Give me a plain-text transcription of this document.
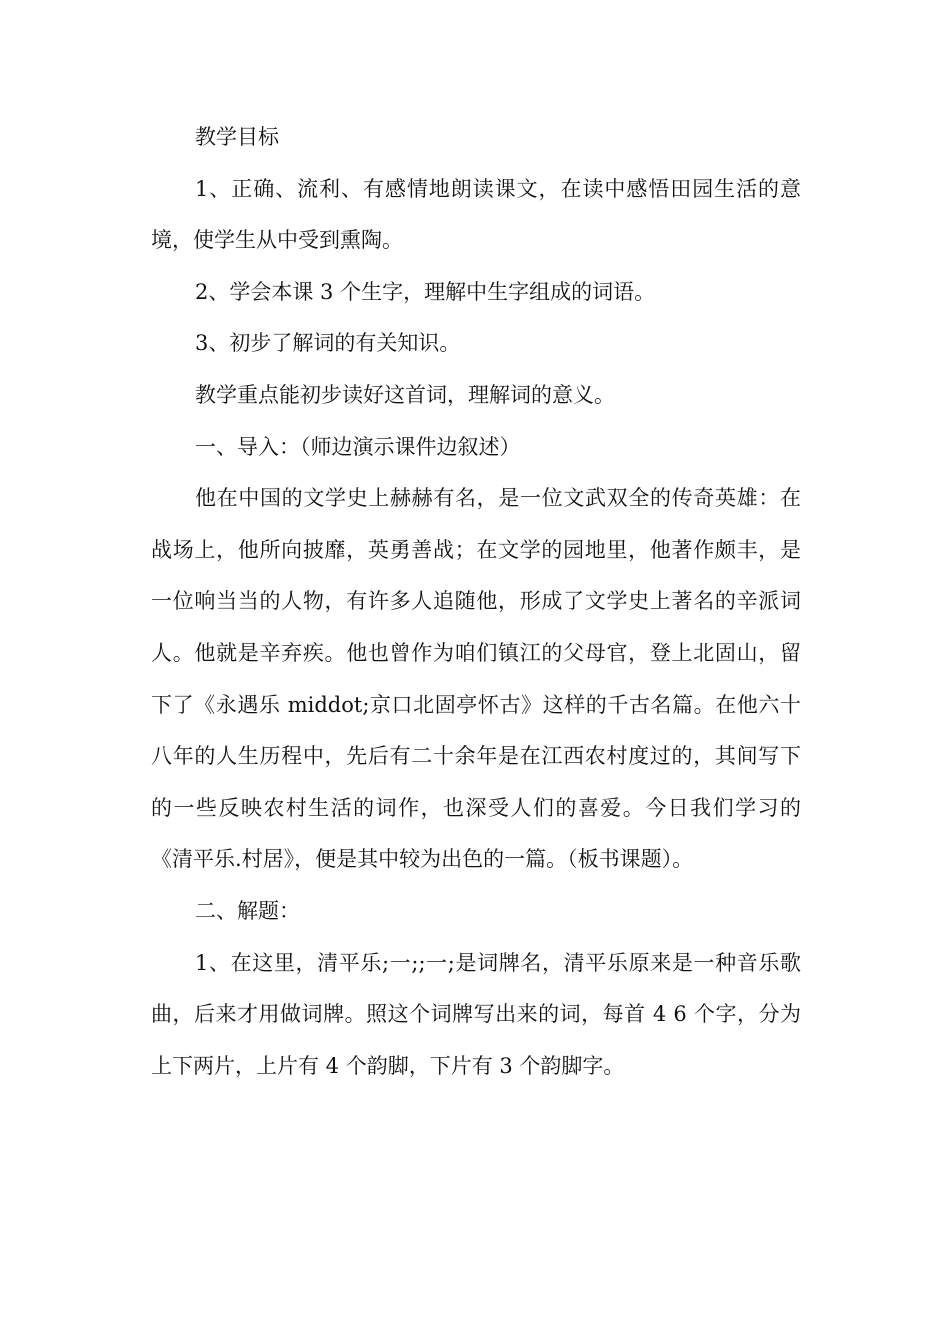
教学目标

1、正确、流利、有感情地朗读课文，在读中感悟田园生活的意境，使学生从中受到熏陶。

2、学会本课 3 个生字，理解中生字组成的词语。

3、初步了解词的有关知识。

教学重点能初步读好这首词，理解词的意义。

一、导入：（师边演示课件边叙述）

他在中国的文学史上赫赫有名，是一位文武双全的传奇英雄：在战场上，他所向披靡，英勇善战；在文学的园地里，他著作颇丰，是一位响当当的人物，有许多人追随他，形成了文学史上著名的辛派词人。他就是辛弃疾。他也曾作为咱们镇江的父母官，登上北固山，留下了《永遇乐 middot;京口北固亭怀古》这样的千古名篇。在他六十八年的人生历程中，先后有二十余年是在江西农村度过的，其间写下的一些反映农村生活的词作，也深受人们的喜爱。今日我们学习的《清平乐.村居》，便是其中较为出色的一篇。（板书课题）。

二、解题：

1、在这里，清平乐;一;;一;是词牌名，清平乐原来是一种音乐歌曲，后来才用做词牌。照这个词牌写出来的词，每首 4 6 个字，分为上下两片，上片有 4 个韵脚，下片有 3 个韵脚字。
